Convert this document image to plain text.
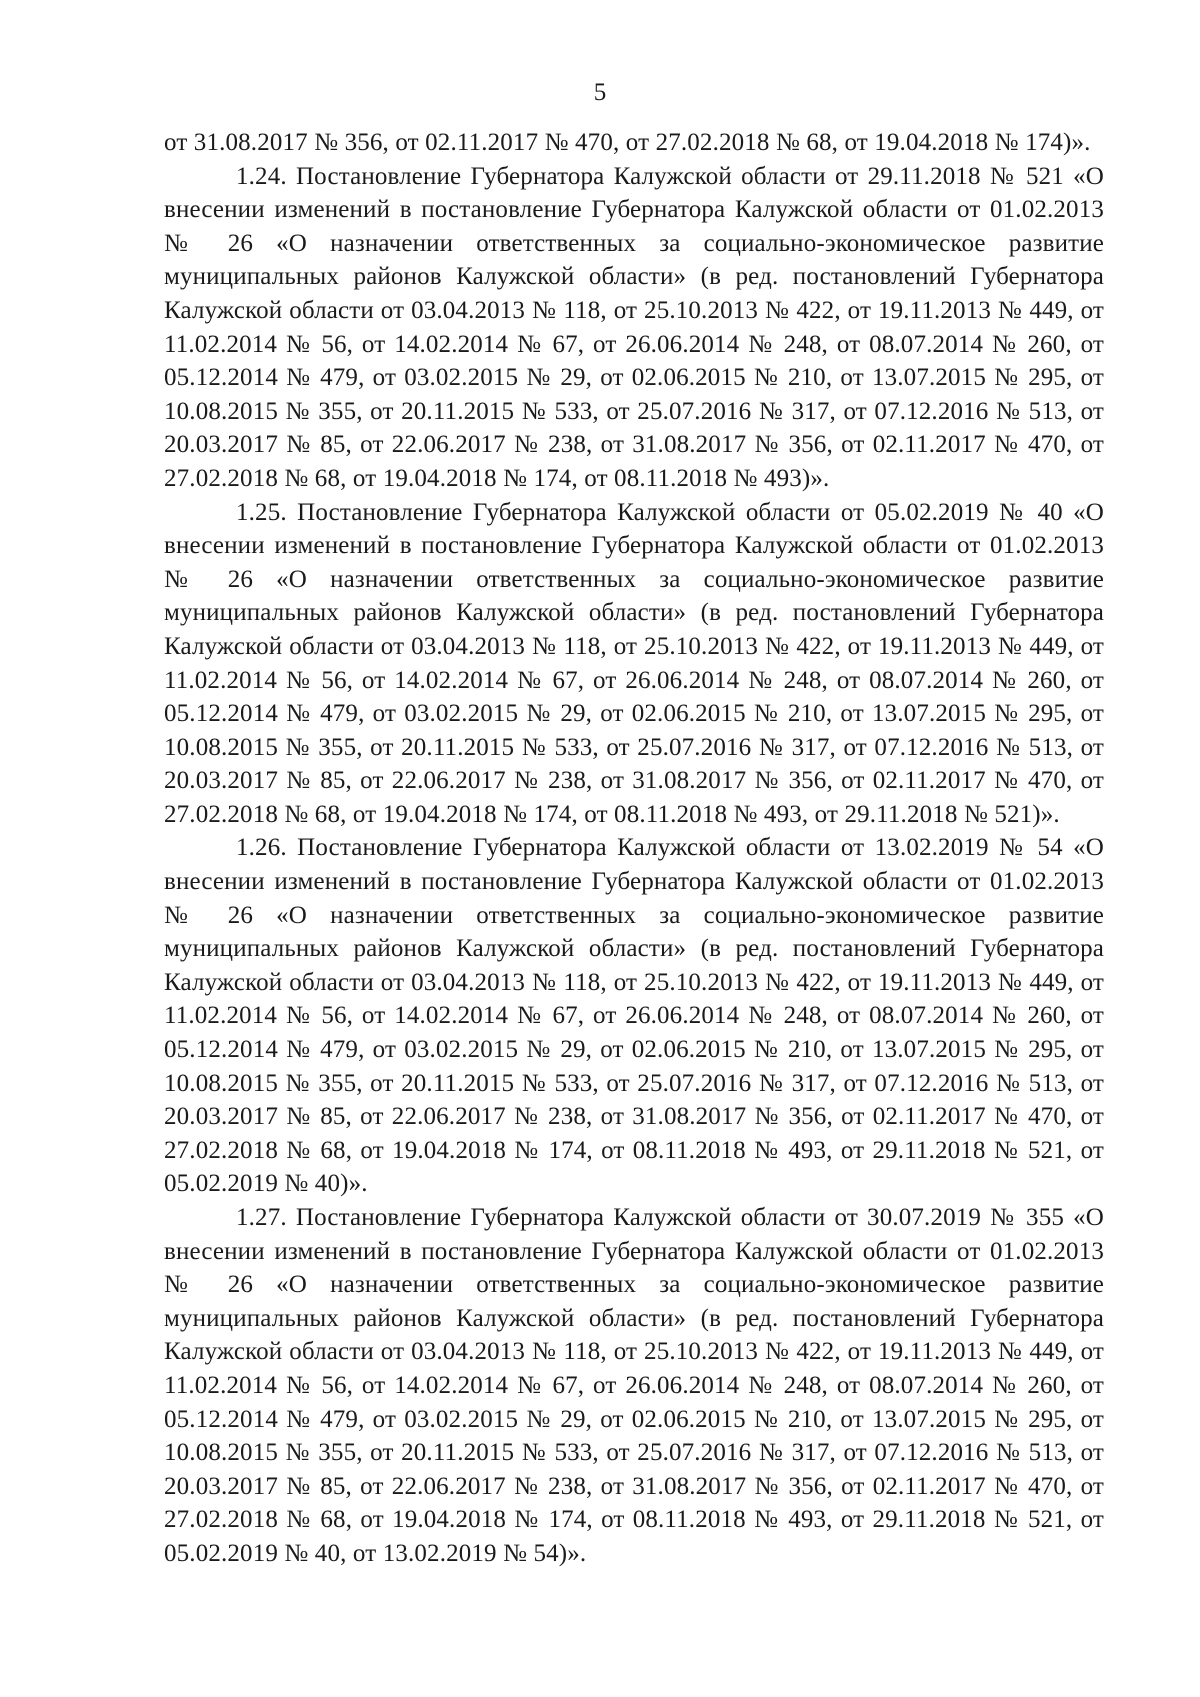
5

от 31.08.2017 № 356, от 02.11.2017 № 470, от 27.02.2018 № 68, от 19.04.2018 № 174)».

1.24. Постановление Губернатора Калужской области от 29.11.2018 № 521 «О внесении изменений в постановление Губернатора Калужской области от 01.02.2013 № 26 «О назначении ответственных за социально-экономическое развитие муниципальных районов Калужской области» (в ред. постановлений Губернатора Калужской области от 03.04.2013 № 118, от 25.10.2013 № 422, от 19.11.2013 № 449, от 11.02.2014 № 56, от 14.02.2014 № 67, от 26.06.2014 № 248, от 08.07.2014 № 260, от 05.12.2014 № 479, от 03.02.2015 № 29, от 02.06.2015 № 210, от 13.07.2015 № 295, от 10.08.2015 № 355, от 20.11.2015 № 533, от 25.07.2016 № 317, от 07.12.2016 № 513, от 20.03.2017 № 85, от 22.06.2017 № 238, от 31.08.2017 № 356, от 02.11.2017 № 470, от 27.02.2018 № 68, от 19.04.2018 № 174, от 08.11.2018 № 493)».

1.25. Постановление Губернатора Калужской области от 05.02.2019 № 40 «О внесении изменений в постановление Губернатора Калужской области от 01.02.2013 № 26 «О назначении ответственных за социально-экономическое развитие муниципальных районов Калужской области» (в ред. постановлений Губернатора Калужской области от 03.04.2013 № 118, от 25.10.2013 № 422, от 19.11.2013 № 449, от 11.02.2014 № 56, от 14.02.2014 № 67, от 26.06.2014 № 248, от 08.07.2014 № 260, от 05.12.2014 № 479, от 03.02.2015 № 29, от 02.06.2015 № 210, от 13.07.2015 № 295, от 10.08.2015 № 355, от 20.11.2015 № 533, от 25.07.2016 № 317, от 07.12.2016 № 513, от 20.03.2017 № 85, от 22.06.2017 № 238, от 31.08.2017 № 356, от 02.11.2017 № 470, от 27.02.2018 № 68, от 19.04.2018 № 174, от 08.11.2018 № 493, от 29.11.2018 № 521)».

1.26. Постановление Губернатора Калужской области от 13.02.2019 № 54 «О внесении изменений в постановление Губернатора Калужской области от 01.02.2013 № 26 «О назначении ответственных за социально-экономическое развитие муниципальных районов Калужской области» (в ред. постановлений Губернатора Калужской области от 03.04.2013 № 118, от 25.10.2013 № 422, от 19.11.2013 № 449, от 11.02.2014 № 56, от 14.02.2014 № 67, от 26.06.2014 № 248, от 08.07.2014 № 260, от 05.12.2014 № 479, от 03.02.2015 № 29, от 02.06.2015 № 210, от 13.07.2015 № 295, от 10.08.2015 № 355, от 20.11.2015 № 533, от 25.07.2016 № 317, от 07.12.2016 № 513, от 20.03.2017 № 85, от 22.06.2017 № 238, от 31.08.2017 № 356, от 02.11.2017 № 470, от 27.02.2018 № 68, от 19.04.2018 № 174, от 08.11.2018 № 493, от 29.11.2018 № 521, от 05.02.2019 № 40)».

1.27. Постановление Губернатора Калужской области от 30.07.2019 № 355 «О внесении изменений в постановление Губернатора Калужской области от 01.02.2013 № 26 «О назначении ответственных за социально-экономическое развитие муниципальных районов Калужской области» (в ред. постановлений Губернатора Калужской области от 03.04.2013 № 118, от 25.10.2013 № 422, от 19.11.2013 № 449, от 11.02.2014 № 56, от 14.02.2014 № 67, от 26.06.2014 № 248, от 08.07.2014 № 260, от 05.12.2014 № 479, от 03.02.2015 № 29, от 02.06.2015 № 210, от 13.07.2015 № 295, от 10.08.2015 № 355, от 20.11.2015 № 533, от 25.07.2016 № 317, от 07.12.2016 № 513, от 20.03.2017 № 85, от 22.06.2017 № 238, от 31.08.2017 № 356, от 02.11.2017 № 470, от 27.02.2018 № 68, от 19.04.2018 № 174, от 08.11.2018 № 493, от 29.11.2018 № 521, от 05.02.2019 № 40, от 13.02.2019 № 54)».
